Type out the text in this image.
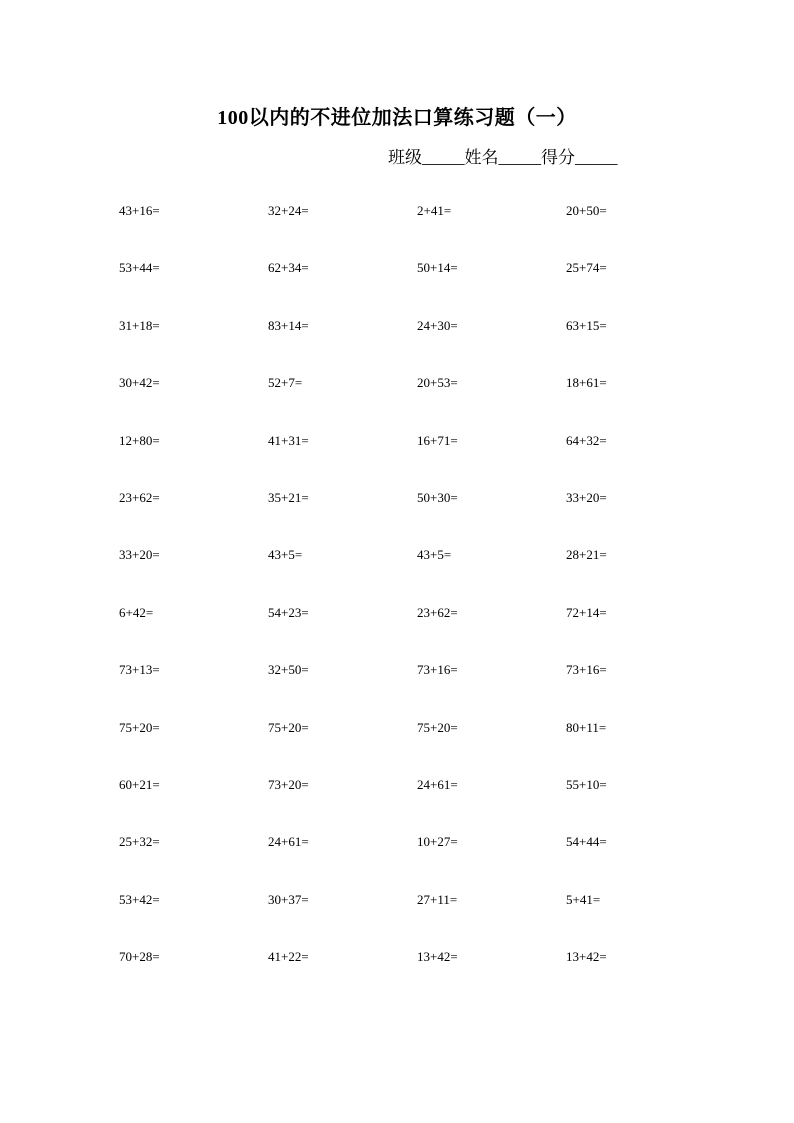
100以内的不进位加法口算练习题（一）
班级_____姓名_____得分_____
43+16=	32+24=	2+41=	20+50=
53+44=	62+34=	50+14=	25+74=
31+18=	83+14=	24+30=	63+15=
30+42=	52+7=	20+53=	18+61=
12+80=	41+31=	16+71=	64+32=
23+62=	35+21=	50+30=	33+20=
33+20=	43+5=	43+5=	28+21=
6+42=	54+23=	23+62=	72+14=
73+13=	32+50=	73+16=	73+16=
75+20=	75+20=	75+20=	80+11=
60+21=	73+20=	24+61=	55+10=
25+32=	24+61=	10+27=	54+44=
53+42=	30+37=	27+11=	5+41=
70+28=	41+22=	13+42=	13+42=
